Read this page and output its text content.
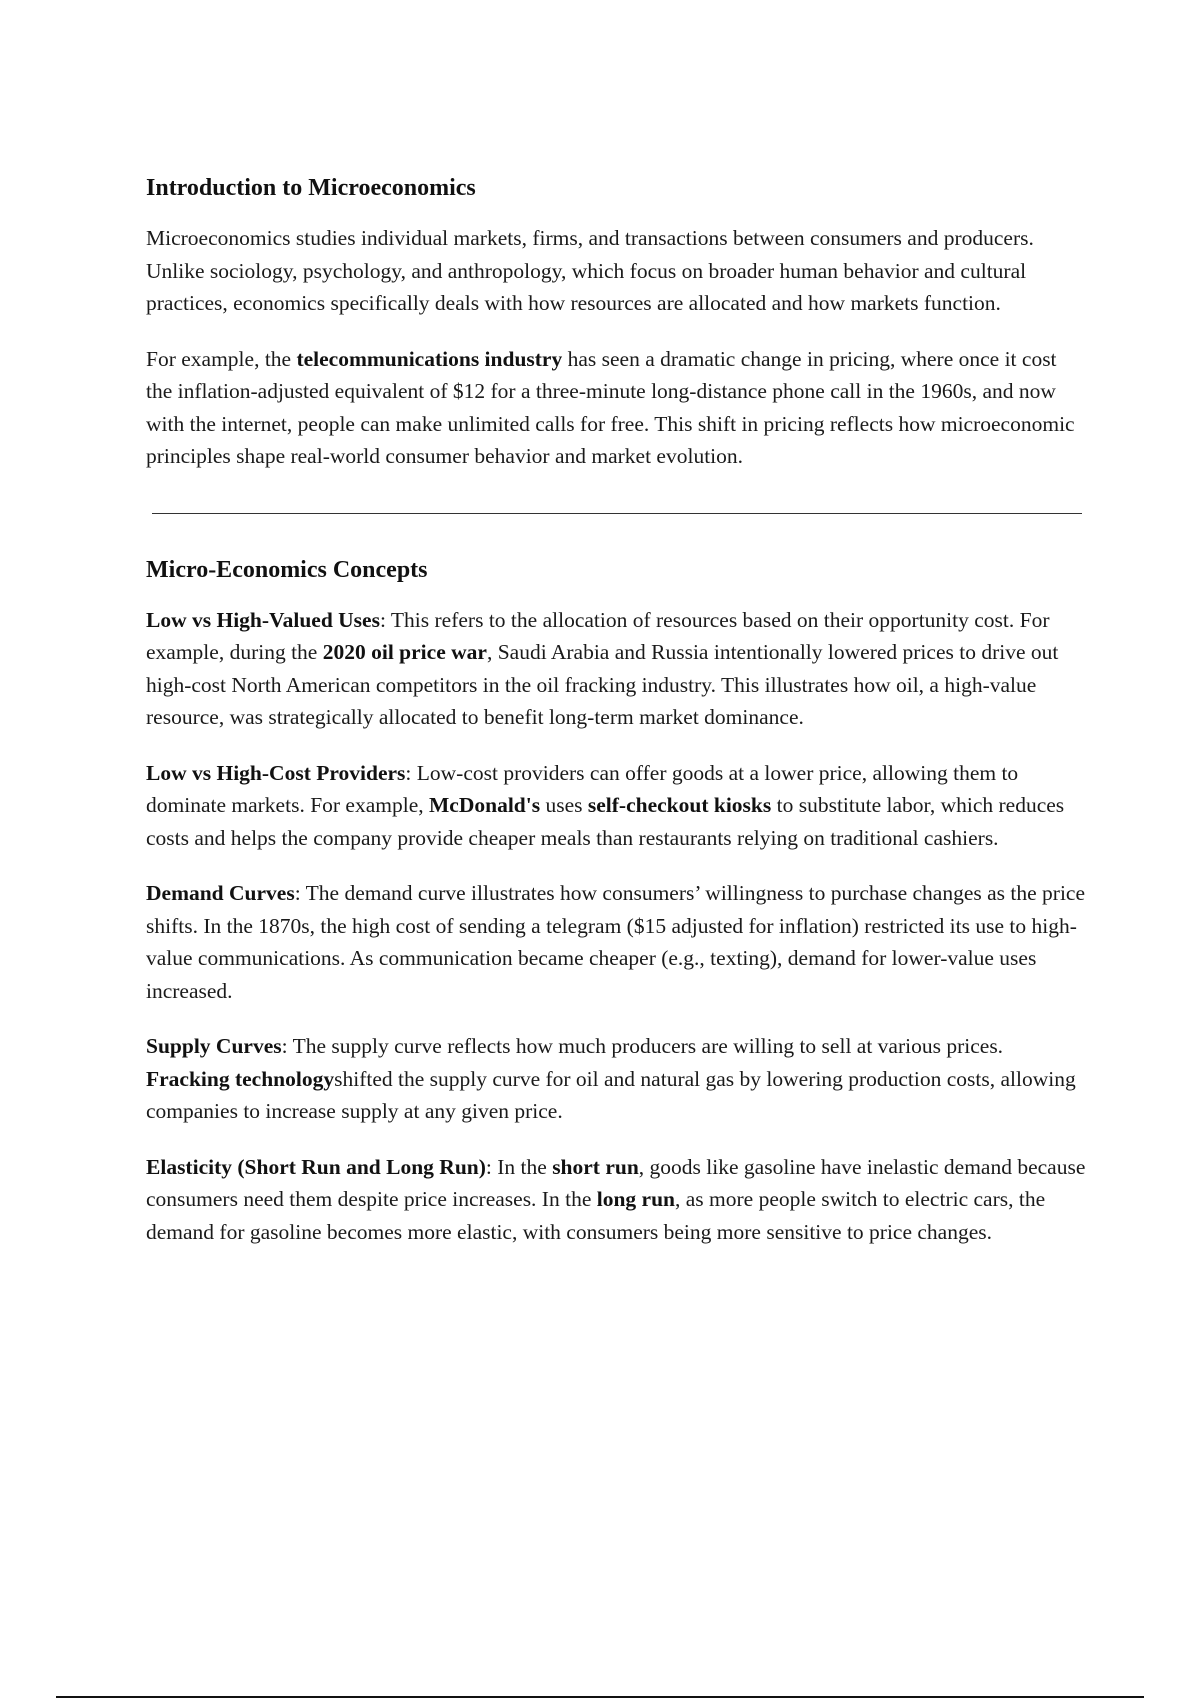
Introduction to Microeconomics

Microeconomics studies individual markets, firms, and transactions between consumers and producers. Unlike sociology, psychology, and anthropology, which focus on broader human behavior and cultural practices, economics specifically deals with how resources are allocated and how markets function.

For example, the telecommunications industry has seen a dramatic change in pricing, where once it cost the inflation-adjusted equivalent of $12 for a three-minute long-distance phone call in the 1960s, and now with the internet, people can make unlimited calls for free. This shift in pricing reflects how microeconomic principles shape real-world consumer behavior and market evolution.

Micro-Economics Concepts

Low vs High-Valued Uses: This refers to the allocation of resources based on their opportunity cost. For example, during the 2020 oil price war, Saudi Arabia and Russia intentionally lowered prices to drive out high-cost North American competitors in the oil fracking industry. This illustrates how oil, a high-value resource, was strategically allocated to benefit long-term market dominance.

Low vs High-Cost Providers: Low-cost providers can offer goods at a lower price, allowing them to dominate markets. For example, McDonald's uses self-checkout kiosks to substitute labor, which reduces costs and helps the company provide cheaper meals than restaurants relying on traditional cashiers.

Demand Curves: The demand curve illustrates how consumers’ willingness to purchase changes as the price shifts. In the 1870s, the high cost of sending a telegram ($15 adjusted for inflation) restricted its use to high-value communications. As communication became cheaper (e.g., texting), demand for lower-value uses increased.

Supply Curves: The supply curve reflects how much producers are willing to sell at various prices. Fracking technologyshifted the supply curve for oil and natural gas by lowering production costs, allowing companies to increase supply at any given price.

Elasticity (Short Run and Long Run): In the short run, goods like gasoline have inelastic demand because consumers need them despite price increases. In the long run, as more people switch to electric cars, the demand for gasoline becomes more elastic, with consumers being more sensitive to price changes.
